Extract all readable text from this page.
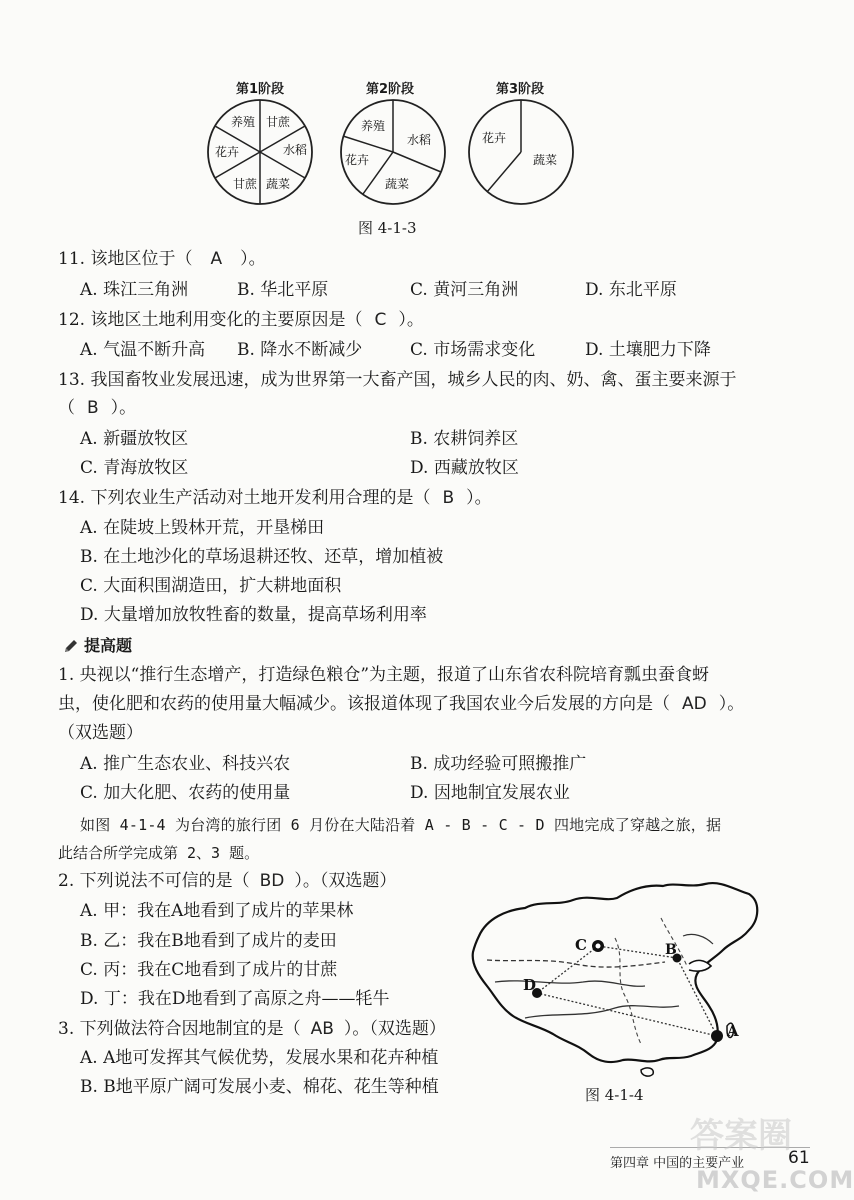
第1阶段	第2阶段	第3阶段
养殖 甘蔗
花卉	水稻
甘蔗 蔬菜
养殖
水稻
花卉
蔬菜
花卉
蔬菜
图 4-1-3
11. 该地区位于（ A ）。
A. 珠江三角洲	B. 华北平原	C. 黄河三角洲	D. 东北平原
12. 该地区土地利用变化的主要原因是（ C ）。
A. 气温不断升高 B. 降水不断减少	C. 市场需求变化	D. 土壤肥力下降
13. 我国畜牧业发展迅速，成为世界第一大畜产国，城乡人民的肉、奶、禽、蛋主要来源于
（ B ）。
A. 新疆放牧区	B. 农耕饲养区
C. 青海放牧区	D. 西藏放牧区
14. 下列农业生产活动对土地开发利用合理的是（ B ）。
A. 在陡坡上毁林开荒，开垦梯田
B. 在土地沙化的草场退耕还牧、还草，增加植被
C. 大面积围湖造田，扩大耕地面积
D. 大量增加放牧牲畜的数量，提高草场利用率
提高题
1. 央视以“推行生态增产，打造绿色粮仓”为主题，报道了山东省农科院培育瓢虫蚕食蚜
虫，使化肥和农药的使用量大幅减少。该报道体现了我国农业今后发展的方向是（ AD ）。
（双选题）
A. 推广生态农业、科技兴农	B. 成功经验可照搬推广
C. 加大化肥、农药的使用量	D. 因地制宜发展农业
如图 4-1-4 为台湾的旅行团 6 月份在大陆沿着 A - B - C - D 四地完成了穿越之旅，据
此结合所学完成第 2、3 题。
2. 下列说法不可信的是（ BD ）。（双选题）
A. 甲：我在A地看到了成片的苹果林
B. 乙：我在B地看到了成片的麦田
C. 丙：我在C地看到了成片的甘蔗
D. 丁：我在D地看到了高原之舟——牦牛
3. 下列做法符合因地制宜的是（ AB ）。（双选题）
A. A地可发挥其气候优势，发展水果和花卉种植
B. B地平原广阔可发展小麦、棉花、花生等种植
A
B
C
D
图 4-1-4
第四章 中国的主要产业	61
答案圈
MXQE.COM
